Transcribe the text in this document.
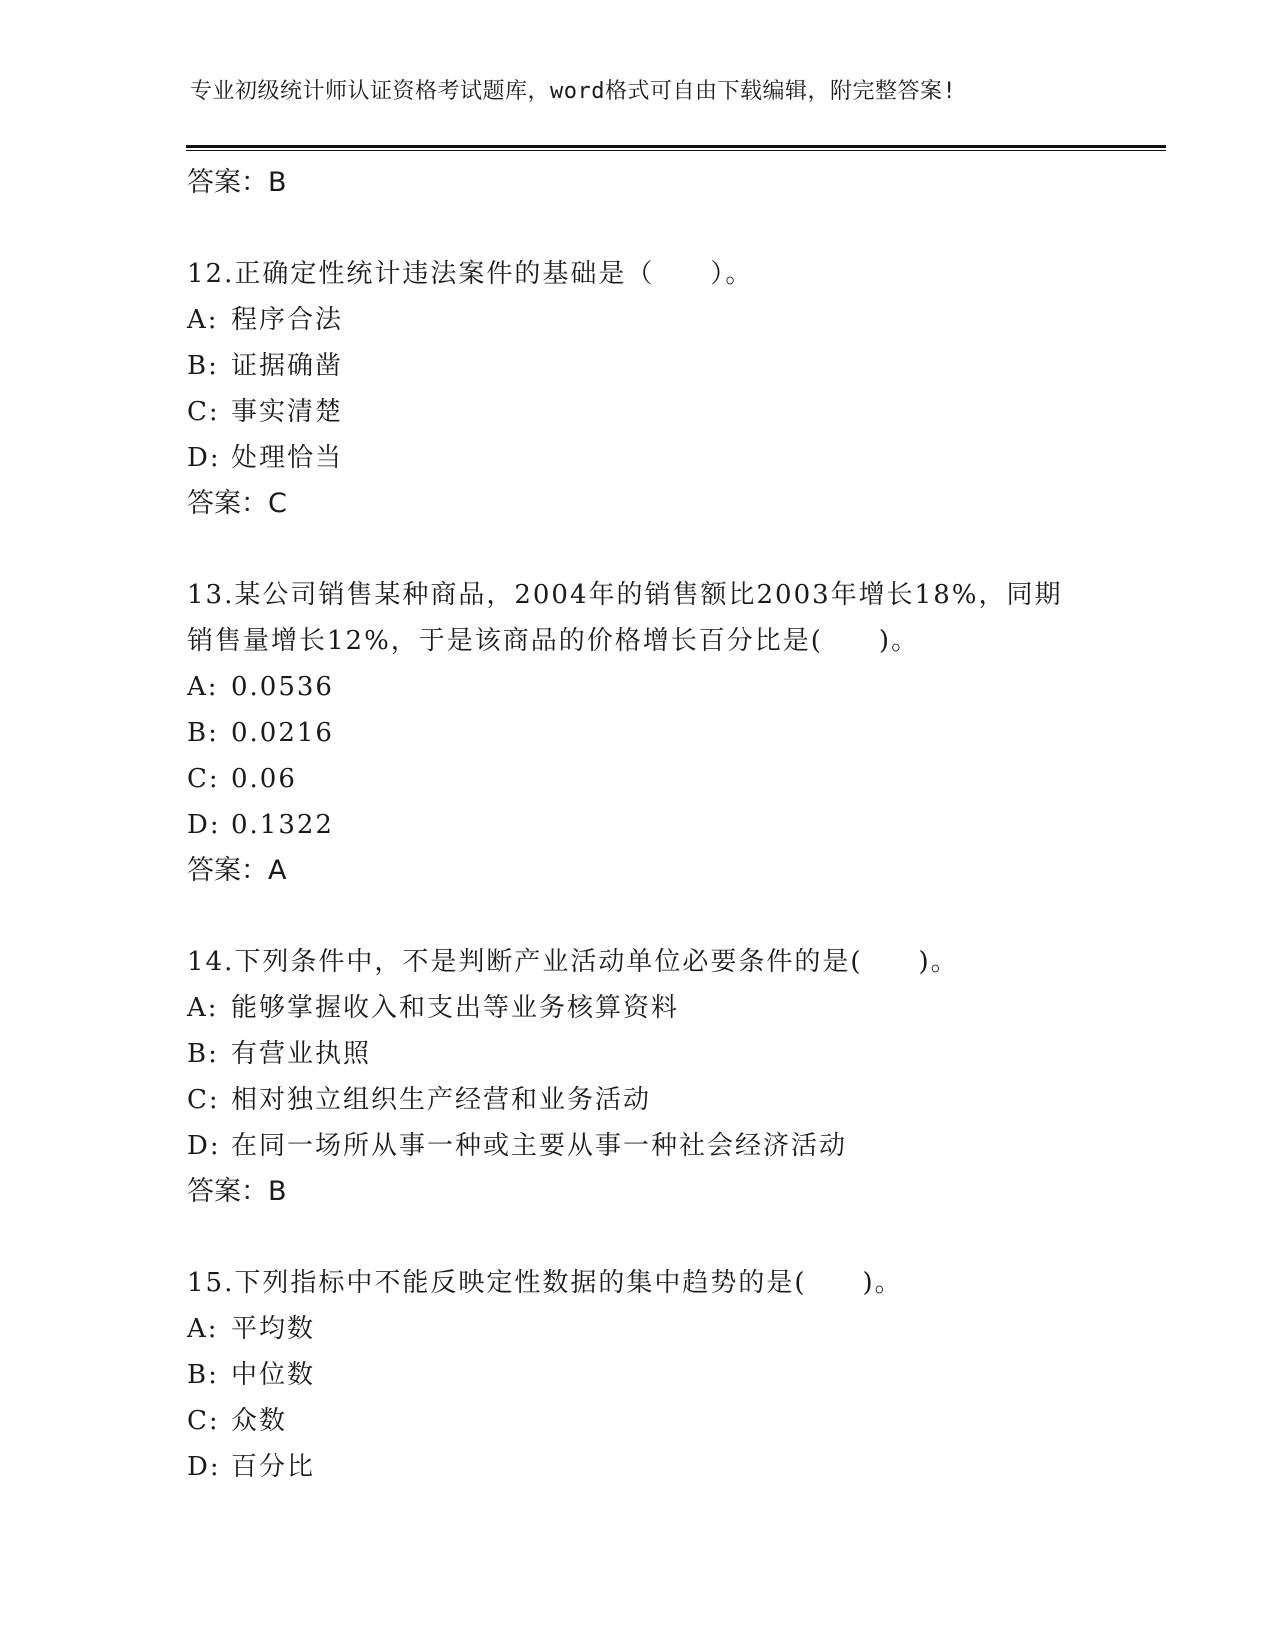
专业初级统计师认证资格考试题库，word格式可自由下载编辑，附完整答案!
答案：B
12.正确定性统计违法案件的基础是（　　）。
A: 程序合法
B: 证据确凿
C: 事实清楚
D: 处理恰当
答案：C
13.某公司销售某种商品，2004年的销售额比2003年增长18%，同期
销售量增长12%，于是该商品的价格增长百分比是(　　)。
A: 0.0536
B: 0.0216
C: 0.06
D: 0.1322
答案：A
14.下列条件中，不是判断产业活动单位必要条件的是(　　)。
A: 能够掌握收入和支出等业务核算资料
B: 有营业执照
C: 相对独立组织生产经营和业务活动
D: 在同一场所从事一种或主要从事一种社会经济活动
答案：B
15.下列指标中不能反映定性数据的集中趋势的是(　　)。
A: 平均数
B: 中位数
C: 众数
D: 百分比
